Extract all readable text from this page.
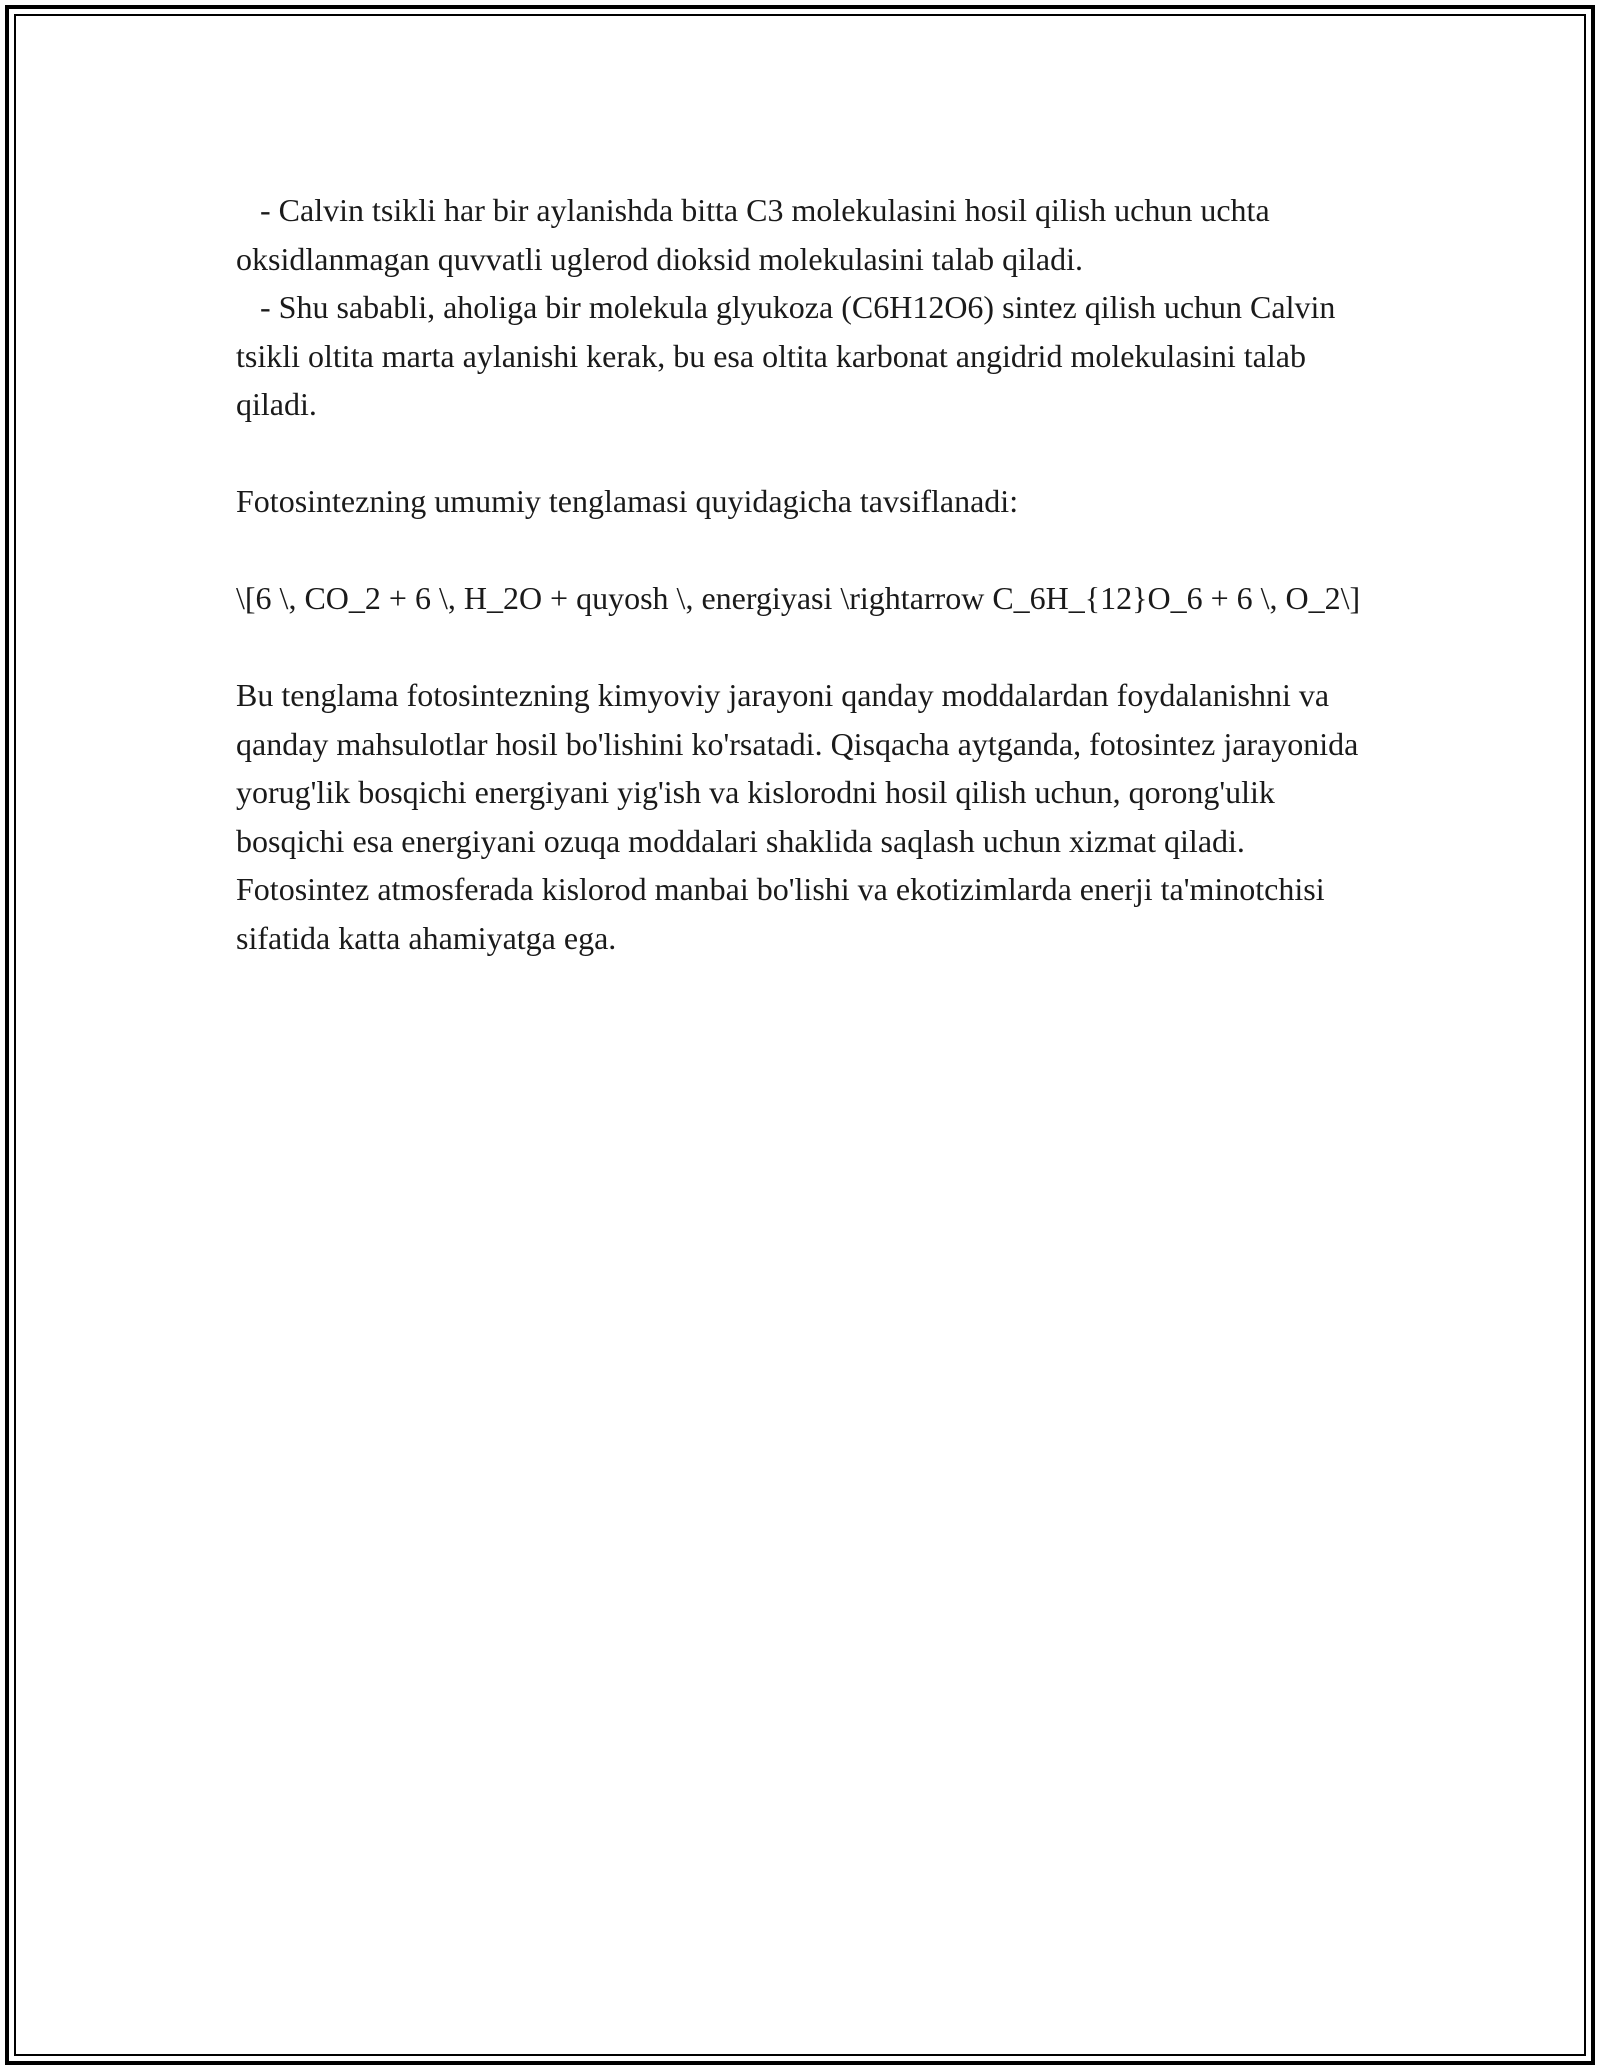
- Calvin tsikli har bir aylanishda bitta C3 molekulasini hosil qilish uchun uchta oksidlanmagan quvvatli uglerod dioksid molekulasini talab qiladi.
- Shu sababli, aholiga bir molekula glyukoza (C6H12O6) sintez qilish uchun Calvin tsikli oltita marta aylanishi kerak, bu esa oltita karbonat angidrid molekulasini talab qiladi.

Fotosintezning umumiy tenglamasi quyidagicha tavsiflanadi:

\[6 \, CO_2 + 6 \, H_2O + quyosh \, energiyasi \rightarrow C_6H_{12}O_6 + 6 \, O_2\]

Bu tenglama fotosintezning kimyoviy jarayoni qanday moddalardan foydalanishni va qanday mahsulotlar hosil bo'lishini ko'rsatadi. Qisqacha aytganda, fotosintez jarayonida yorug'lik bosqichi energiyani yig'ish va kislorodni hosil qilish uchun, qorong'ulik bosqichi esa energiyani ozuqa moddalari shaklida saqlash uchun xizmat qiladi. Fotosintez atmosferada kislorod manbai bo'lishi va ekotizimlarda enerji ta'minotchisi sifatida katta ahamiyatga ega.
